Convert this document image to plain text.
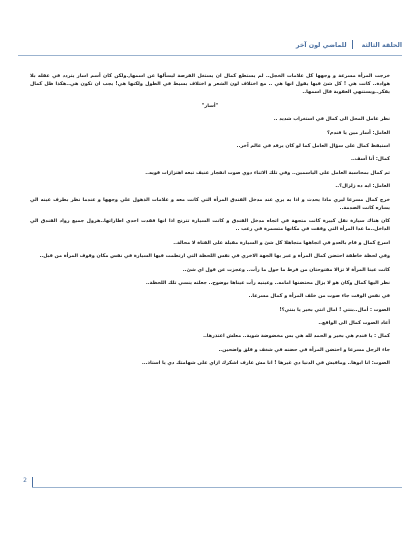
الحلقة الثالثة  للماضي لون آخر

خرجت المرأة مسرعة و وجهها كل علامات الخجل.. لم يستطع كمال ان يستغل الفرصة ليسألها عن اسمها,.ولكن كان أسم اسار يتردد في عقله بلا هوادة.. كانت هي ! كل شئ فيها يقول انها هي .. مع اختلاف لون الشعر و اختلاف بسيط في الطول ولكنها هي! يجب ان تكون هي..هكذا ظل كمال يفكر..ويستنهي العقوبة قال اسمها..

"أسار"

نظر عامل المحل الى كمال في استغراب شديد ..

العامل: أسار مين يا فندم؟

استيقظ كمال على سؤال العامل كما لو كان يرقد في عالم آخر..

كمال: أنا أسف..

ثم كمال بمحاسبة العامل على الياسمين.. وفي تلك الاثناء دوي صوت انفجار عنيف تبعه اهتزازات قويه..

العامل: ايه ده زلزال؟..

خرج كمال مسرعا ليري ماذا يحدث و اذا به يري عند مدخل الفندق المرأة التي كانت معه و علامات الذهول علي وجهها و عندما نظر بطرف عينه الي يساره كانت الصدمة..

كان هناك سيارة نقل كبيرة كانت متجهة في اتجاه مدخل الفندق و كانت السيارة تترنح اذا انها فقدت احدي اطاراتها..هرول جميع رواد الفندق الي الداخل..ما عدا المرأة التي وقفت في مكانها متسمرة في رعب ..

اسرع كمال و قام بالعدو في اتجاهها متجاهلا كل شئ و السيارة مقبلة على الفتاة لا محالة..

وفي لحظة خاطفة احتضن كمال المرأة و عبر بها الجهة الاخري في نفس اللحظة التي ارتطمت فيها السيارة في نفس مكان وقوف المرأة من قبل..

كانت عينا المرأة لا تزالا مفتوحتان من فرط ما حول ما رأت.. وعجزت عن قول اي شئ..

نظر اليها كمال وكان هو لا يزال محتضنها امامه.. وعينيه رأت عيناها بوضوح.. جعلته ينسي تلك اللحظة..

في نفس الوقت جاء صوت من خلف المرأة و كمال مسرعا..

الصوت : أمال..بنتي ! امال انتي بخير يا بنتي؟!

أعاد الصوت كمال الى الواقع..

كمال : يا فندم هي بخير و الحمد لله هي بس مخضوضة شوية.. معلش اعتذرها..

جاء الرجل مسرعا و احتضن المرأة في حضنه في شغف و قلق واضحين..

الصوت: انا ابوها.. ومافيش في الدنيا دي غيرها ! انا مش عارف اشكرك ازاي على شهامتك دي يا استاذ...

2
